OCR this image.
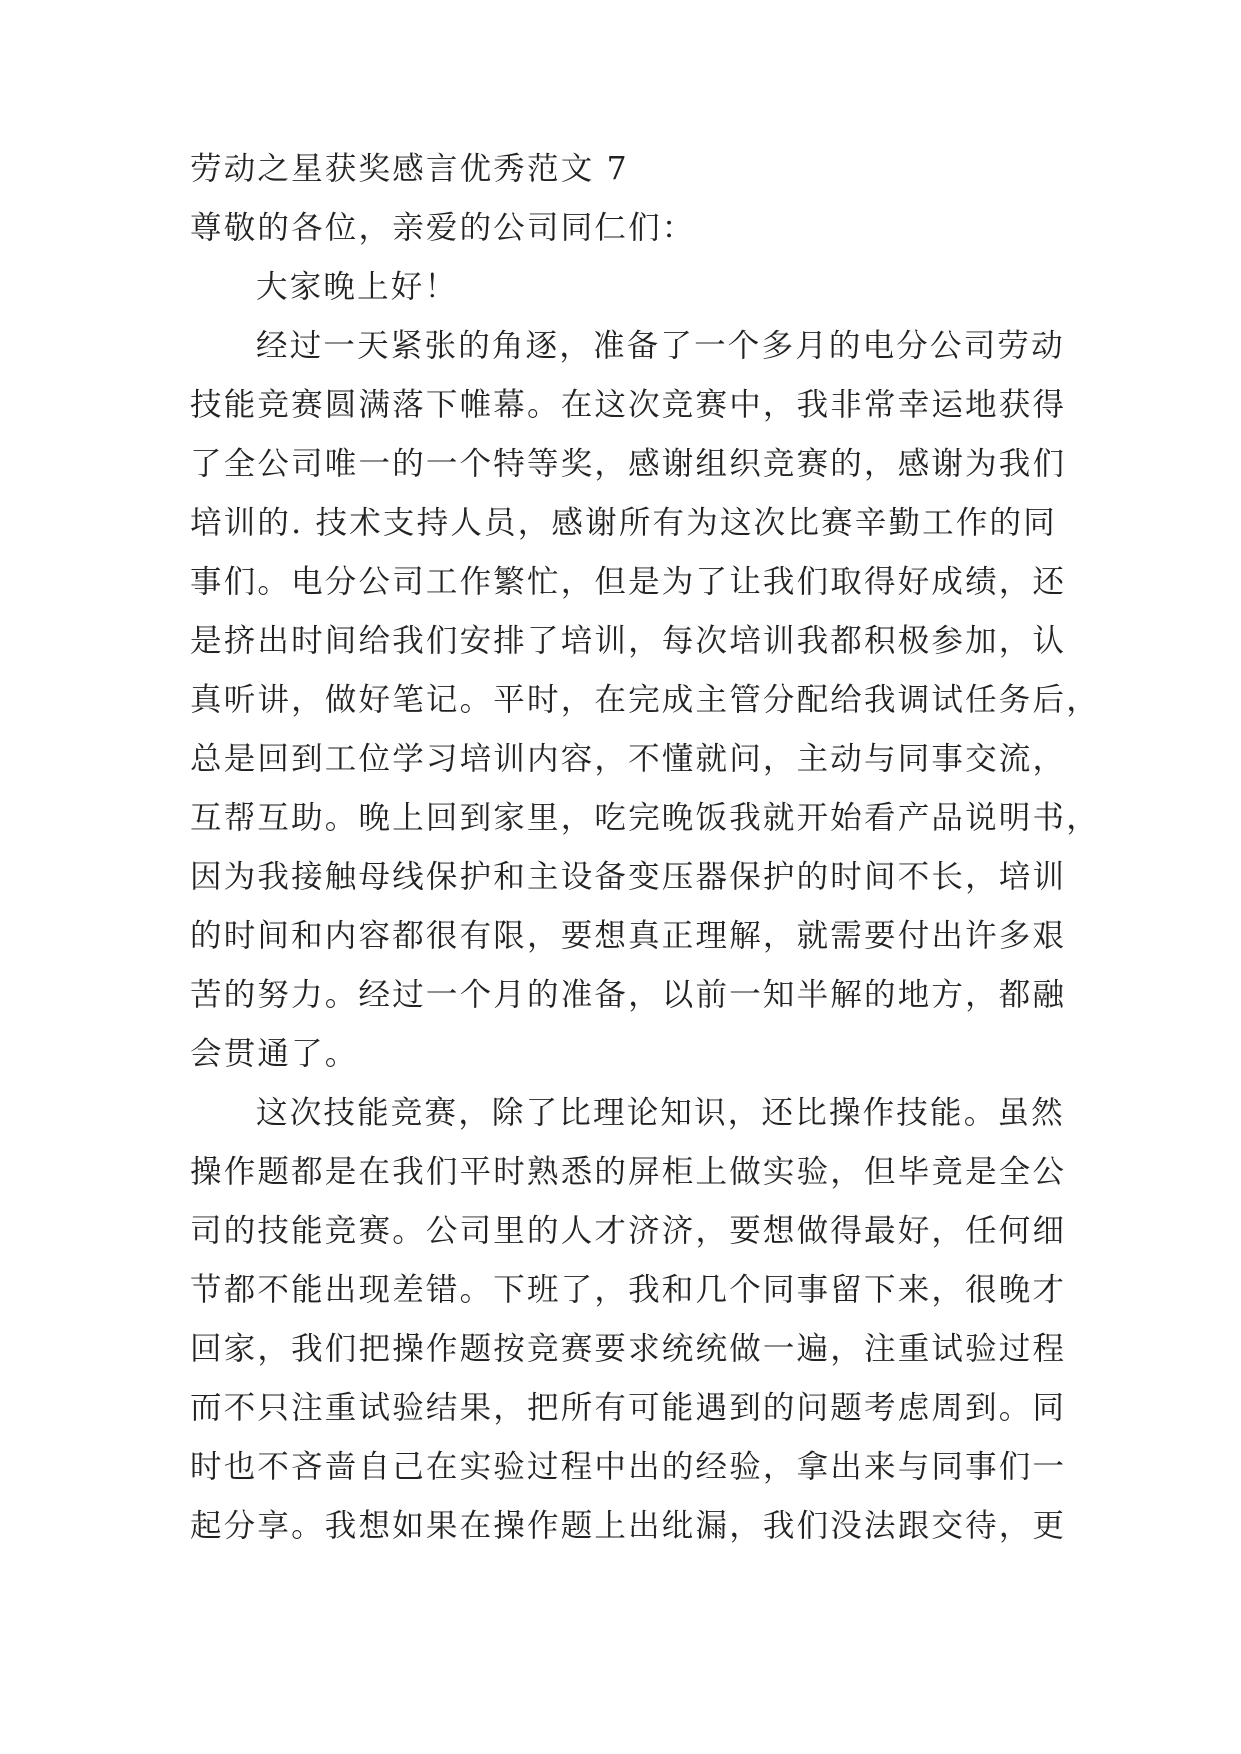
劳动之星获奖感言优秀范文 7
尊敬的各位，亲爱的公司同仁们：
大家晚上好！
经过一天紧张的角逐，准备了一个多月的电分公司劳动
技能竞赛圆满落下帷幕。在这次竞赛中，我非常幸运地获得
了全公司唯一的一个特等奖，感谢组织竞赛的，感谢为我们
培训的. 技术支持人员，感谢所有为这次比赛辛勤工作的同
事们。电分公司工作繁忙，但是为了让我们取得好成绩，还
是挤出时间给我们安排了培训，每次培训我都积极参加，认
真听讲，做好笔记。平时，在完成主管分配给我调试任务后，
总是回到工位学习培训内容，不懂就问，主动与同事交流，
互帮互助。晚上回到家里，吃完晚饭我就开始看产品说明书，
因为我接触母线保护和主设备变压器保护的时间不长，培训
的时间和内容都很有限，要想真正理解，就需要付出许多艰
苦的努力。经过一个月的准备，以前一知半解的地方，都融
会贯通了。
这次技能竞赛，除了比理论知识，还比操作技能。虽然
操作题都是在我们平时熟悉的屏柜上做实验，但毕竟是全公
司的技能竞赛。公司里的人才济济，要想做得最好，任何细
节都不能出现差错。下班了，我和几个同事留下来，很晚才
回家，我们把操作题按竞赛要求统统做一遍，注重试验过程
而不只注重试验结果，把所有可能遇到的问题考虑周到。同
时也不吝啬自己在实验过程中出的经验，拿出来与同事们一
起分享。我想如果在操作题上出纰漏，我们没法跟交待，更
